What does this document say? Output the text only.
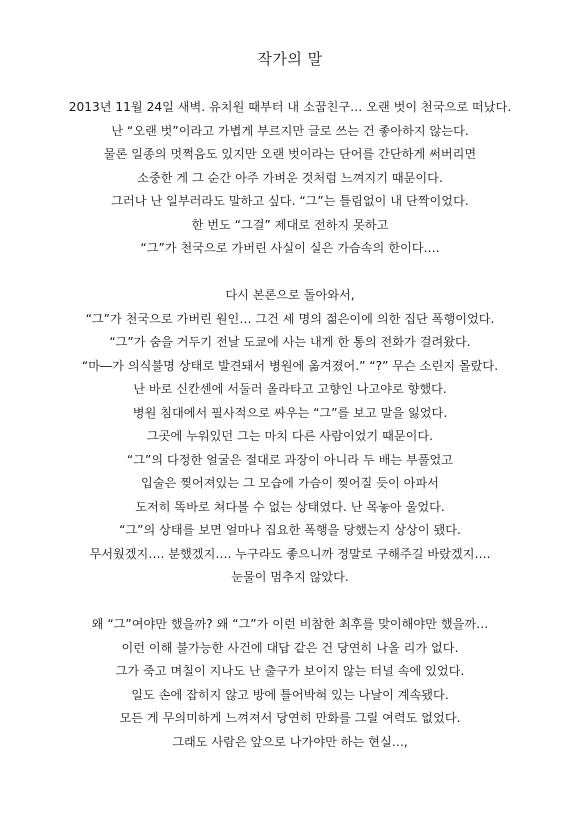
작가의 말
2013년 11월 24일 새벽. 유치원 때부터 내 소꿉친구… 오랜 벗이 천국으로 떠났다.
난 “오랜 벗”이라고 가볍게 부르지만 글로 쓰는 건 좋아하지 않는다.
물론 일종의 멋쩍음도 있지만 오랜 벗이라는 단어를 간단하게 써버리면
소중한 게 그 순간 아주 가벼운 것처럼 느껴지기 때문이다.
그러나 난 일부러라도 말하고 싶다. “그”는 틀림없이 내 단짝이었다.
한 번도 “그걸” 제대로 전하지 못하고
“그”가 천국으로 가버린 사실이 실은 가슴속의 한이다….
다시 본론으로 돌아와서,
“그”가 천국으로 가버린 원인… 그건 세 명의 젊은이에 의한 집단 폭행이었다.
“그”가 숨을 거두기 전날 도쿄에 사는 내게 한 통의 전화가 걸려왔다.
“마―가 의식불명 상태로 발견돼서 병원에 옮겨졌어.” “?” 무슨 소린지 몰랐다.
난 바로 신칸센에 서둘러 올라타고 고향인 나고야로 향했다.
병원 침대에서 필사적으로 싸우는 “그”를 보고 말을 잃었다.
그곳에 누워있던 그는 마치 다른 사람이었기 때문이다.
“그”의 다정한 얼굴은 절대로 과장이 아니라 두 배는 부풀었고
입술은 찢어져있는 그 모습에 가슴이 찢어질 듯이 아파서
도저히 똑바로 쳐다볼 수 없는 상태였다. 난 목놓아 울었다.
“그”의 상태를 보면 얼마나 집요한 폭행을 당했는지 상상이 됐다.
무서웠겠지…. 분했겠지…. 누구라도 좋으니까 정말로 구해주길 바랐겠지….
눈물이 멈추지 않았다.
왜 “그”여야만 했을까? 왜 “그”가 이런 비참한 최후를 맞이해야만 했을까…
이런 이해 불가능한 사건에 대답 같은 건 당연히 나올 리가 없다.
그가 죽고 며칠이 지나도 난 출구가 보이지 않는 터널 속에 있었다.
일도 손에 잡히지 않고 방에 틀어박혀 있는 나날이 계속됐다.
모든 게 무의미하게 느껴져서 당연히 만화를 그릴 여력도 없었다.
그래도 사람은 앞으로 나가야만 하는 현실…,
